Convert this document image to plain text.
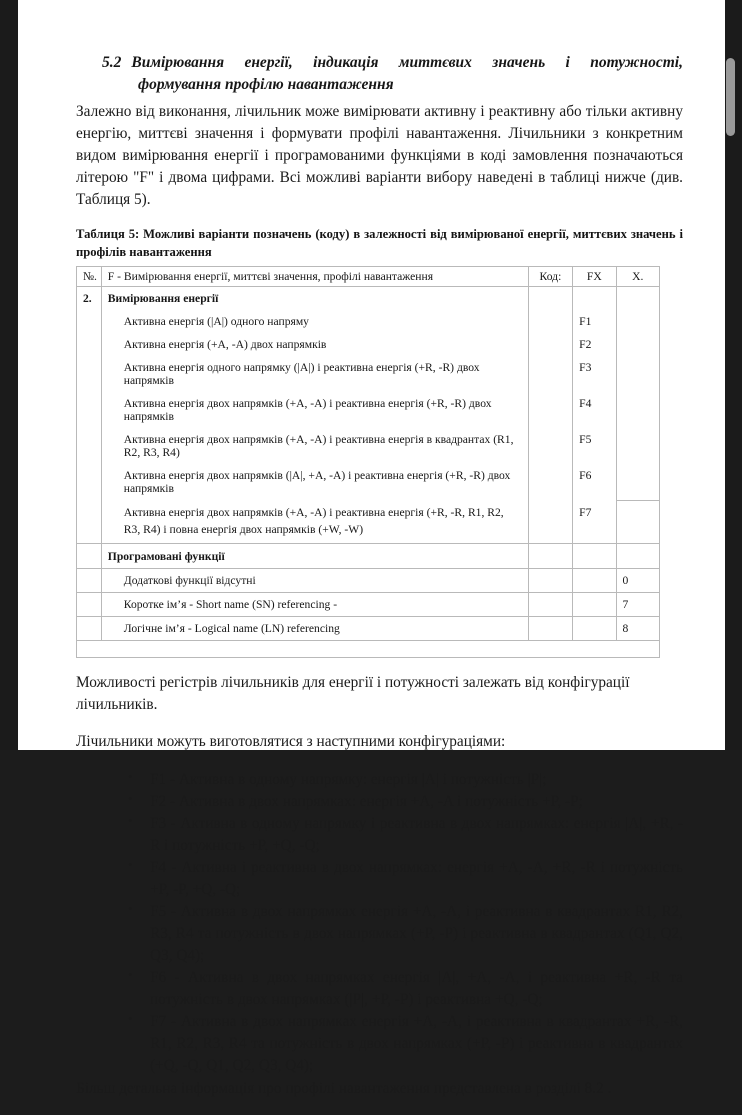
5.2 Вимірювання енергії, індикація миттєвих значень і потужності,
формування профілю навантаження

Залежно від виконання, лічильник може вимірювати активну і реактивну або тільки активну енергію, миттєві значення і формувати профілі навантаження. Лічильники з конкретним видом вимірювання енергії і програмованими функціями в коді замовлення позначаються літерою "F" і двома цифрами. Всі можливі варіанти вибору наведені в таблиці нижче (див. Таблиця 5).

Таблиця 5: Можливі варіанти позначень (коду) в залежності від вимірюваної енергії, миттєвих значень і
профілів навантаження
№.	F - Вимірювання енергії, миттєві значення, профілі навантаження	Код:	FX	X.

2.	Вимірювання енергії			

	Активна енергія (|A|) одного напряму		F1	

	Активна енергія (+A, -A) двох напрямків		F2	

	Активна енергія одного напрямку (|A|) і реактивна енергія (+R, -R) двох напрямків		F3	

	Активна енергія двох напрямків (+A, -A) і реактивна енергія (+R, -R) двох напрямків		F4	

	Активна енергія двох напрямків (+A, -A) і реактивна енергія в квадрантах (R1, R2, R3, R4)		F5	

	Активна енергія двох напрямків (|A|, +A, -A) і реактивна енергія (+R, -R) двох напрямків		F6	

	Активна енергія двох напрямків (+A, -A) і реактивна енергія (+R, -R, R1, R2, R3, R4) і повна енергія двох напрямків (+W, -W)		F7	

	Програмовані функції			

	Додаткові функції відсутні			0

	Коротке ім’я - Short name (SN) referencing -			7

	Логічне ім’я - Logical name (LN) referencing			8

Можливості регістрів лічильників для енергії і потужності залежать від конфігурації лічильників.

Лічильники можуть виготовлятися з наступними конфігураціями:

• F1 - Активна в одному напрямку: енергія |A| і потужність |P|;
• F2 - Активна в двох напрямках: енергія +A, -A і потужність +P, -P;
• F3 - Активна в одному напрямку і реактивна в двох напрямках: енергія |A|, +R, -R і потужність +P, +Q, -Q;
• F4 - Активна і реактивна в двох напрямках: енергія +A, -A, +R, -R і потужність +P, -P, +Q, -Q;
• F5 - Активна в двох напрямках енергія +A, -A, і реактивна в квадрантах R1, R2, R3, R4 та потужність в двох напрямках (+P, -P) і реактивна в квадрантах (Q1, Q2, Q3, Q4);
• F6 - Активна в двох напрямках енергія |A|, +A, -A, і реактивна +R, -R та потужність в двох напрямках (|P|, +P, -P) і реактивна +Q, -Q;
• F7 - Активна в двох напрямках енергія +A, -A, і реактивна в квадрантах +R, -R, R1, R2, R3, R4 та потужність в двох напрямках (+P, -P) і реактивна в квадрантах (+Q, -Q, Q1, Q2, Q3, Q4);

Більш детальна інформація про профілі навантаження представлена в розділі 8.2 .
